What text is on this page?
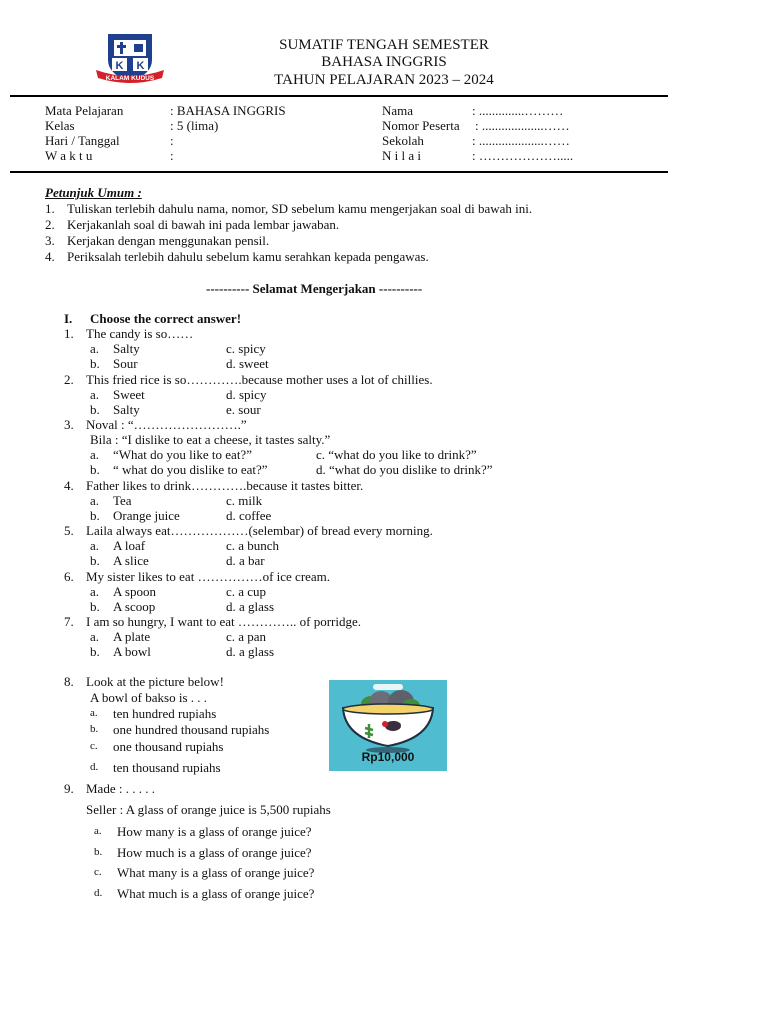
K K
KALAM KUDUS
SUMATIF TENGAH SEMESTER
BAHASA INGGRIS
TAHUN PELAJARAN 2023 – 2024
Mata Pelajaran	: BAHASA INGGRIS
Kelas	: 5 (lima)
Hari / Tanggal	:
W a k t u	:
Nama	: ..............………
Nomor Peserta : ...................……
Sekolah	: ....................……
N i l a i	: ……………….....
Petunjuk Umum :
1. Tuliskan terlebih dahulu nama, nomor, SD sebelum kamu mengerjakan soal di bawah ini.
2. Kerjakanlah soal di bawah ini pada lembar jawaban.
3. Kerjakan dengan menggunakan pensil.
4. Periksalah terlebih dahulu sebelum kamu serahkan kepada pengawas.
---------- Selamat Mengerjakan ----------
I. Choose the correct answer!
1. The candy is so……
a. Salty	c. spicy
b. Sour	d. sweet
2. This fried rice is so………….because mother uses a lot of chillies.
a. Sweet	d. spicy
b. Salty	e. sour
3. Noval : “…………………….”
Bila : “I dislike to eat a cheese, it tastes salty.”
a. “What do you like to eat?”	c. “what do you like to drink?”
b. “ what do you dislike to eat?”	d. “what do you dislike to drink?”
4. Father likes to drink………….because it tastes bitter.
a. Tea	c. milk
b. Orange juice	d. coffee
5. Laila always eat………………(selembar) of bread every morning.
a. A loaf	c. a bunch
b. A slice	d. a bar
6. My sister likes to eat ……………of ice cream.
a. A spoon	c. a cup
b. A scoop	d. a glass
7. I am so hungry, I want to eat ………….. of porridge.
a. A plate	c. a pan
b. A bowl	d. a glass
8. Look at the picture below!
A bowl of bakso is . . .
a. ten hundred rupiahs
b. one hundred thousand rupiahs
c. one thousand rupiahs
d. ten thousand rupiahs
Rp10,000
9. Made : . . . . .
Seller : A glass of orange juice is 5,500 rupiahs
a. How many is a glass of orange juice?
b. How much is a glass of orange juice?
c. What many is a glass of orange juice?
d. What much is a glass of orange juice?
